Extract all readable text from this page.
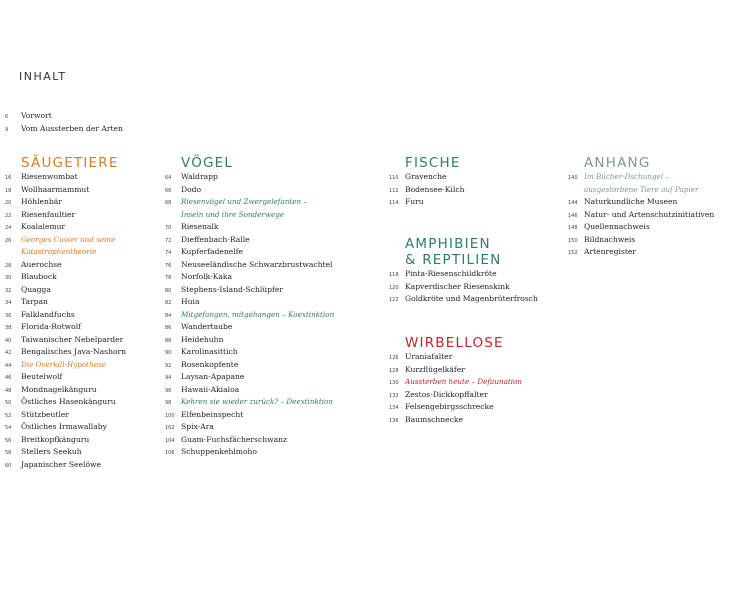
INHALT
6	Vorwort
9	Vom Aussterben der Arten
SÄUGETIERE
16	Riesenwombat
18	Wollhaarmammut
20	Höhlenbär
22	Riesenfaultier
24	Koalalemur
26	Georges Cuvier und seine
Katastrophentheorie
28	Auerochse
30	Blaubock
32	Quagga
34	Tarpan
36	Falklandfuchs
38	Florida-Rotwolf
40	Taiwanischer Nebelparder
42	Bengalisches Java-Nashorn
44	Die Overkill-Hypothese
46	Beutelwolf
48	Mondnagelkänguru
50	Östliches Hasenkänguru
52	Stützbeutler
54	Östliches Irmawallaby
56	Breitkopfkänguru
58	Stellers Seekuh
60	Japanischer Seelöwe
VÖGEL
64	Waldrapp
66	Dodo
68	Riesenvögel und Zwergelefanten –
Inseln und ihre Sonderwege
70	Riesenalk
72	Dieffenbach-Ralle
74	Kupferfadenelfe
76	Neuseeländische Schwarzbrustwachtel
78	Norfolk-Kaka
80	Stephens-Island-Schlüpfer
82	Huia
84	Mitgefangen, mitgehangen – Koextinktion
86	Wandertaube
88	Heidehuhn
90	Karolinasittich
92	Rosenkopfente
94	Laysan-Apapane
96	Hawaii-Akialoa
98	Kehren sie wieder zurück? – Deextinktion
100 Elfenbeinspecht
102 Spix-Ara
104 Guam-Fuchsfächerschwanz
106 Schuppenkehlmoho
FISCHE
110 Gravenche
112 Bodensee-Kilch
114 Furu
AMPHIBIEN
& REPTILIEN
118 Pinta-Riesenschildkröte
120 Kapverdischer Riesenskink
122 Goldkröte und Magenbrüterfrosch
WIRBELLOSE
126 Uraniafalter
128 Kurzflügelkäfer
130 Aussterben heute – Defaunation
132 Zestos-Dickkopffalter
134 Felsengebirgsschrecke
136 Baumschnecke
ANHANG
140 Im Bücher-Dschungel –
ausgestorbene Tiere auf Papier
144 Naturkundliche Museen
146 Natur- und Artenschutzinitiativen
148 Quellennachweis
150 Bildnachweis
152 Artenregister
